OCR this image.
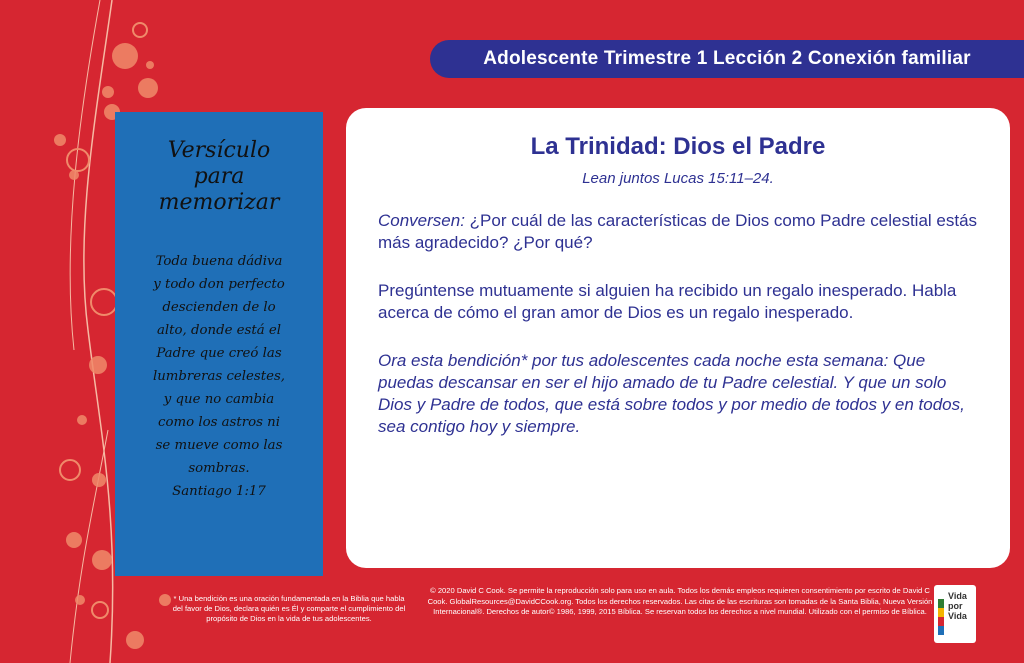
Adolescente Trimestre 1 Lección 2 Conexión familiar
Versículo
para
memorizar
Toda buena dádiva
y todo don perfecto
descienden de lo
alto, donde está el
Padre que creó las
lumbreras celestes,
y que no cambia
como los astros ni
se mueve como las
sombras.
Santiago 1:17
La Trinidad: Dios el Padre
Lean juntos Lucas 15:11–24.
Conversen: ¿Por cuál de las características de Dios como Padre celestial estás más agradecido? ¿Por qué?
Pregúntense mutuamente si alguien ha recibido un regalo inesperado. Habla acerca de cómo el gran amor de Dios es un regalo inesperado.
Ora esta bendición* por tus adolescentes cada noche esta semana: Que puedas descansar en ser el hijo amado de tu Padre celestial. Y que un solo Dios y Padre de todos, que está sobre todos y por medio de todos y en todos, sea contigo hoy y siempre.
* Una bendición es una oración fundamentada en la Biblia que habla del favor de Dios, declara quién es Él y comparte el cumplimiento del propósito de Dios en la vida de tus adolescentes.
© 2020 David C Cook. Se permite la reproducción solo para uso en aula. Todos los demás empleos requieren consentimiento por escrito de David C Cook. GlobalResources@DavidCCook.org. Todos los derechos reservados. Las citas de las escrituras son tomadas de la Santa Biblia, Nueva Versión Internacional®. Derechos de autor© 1986, 1999, 2015 Bíblica. Se reservan todos los derechos a nivel mundial. Utilizado con el permiso de Bíblica.
Vida
por
Vida
